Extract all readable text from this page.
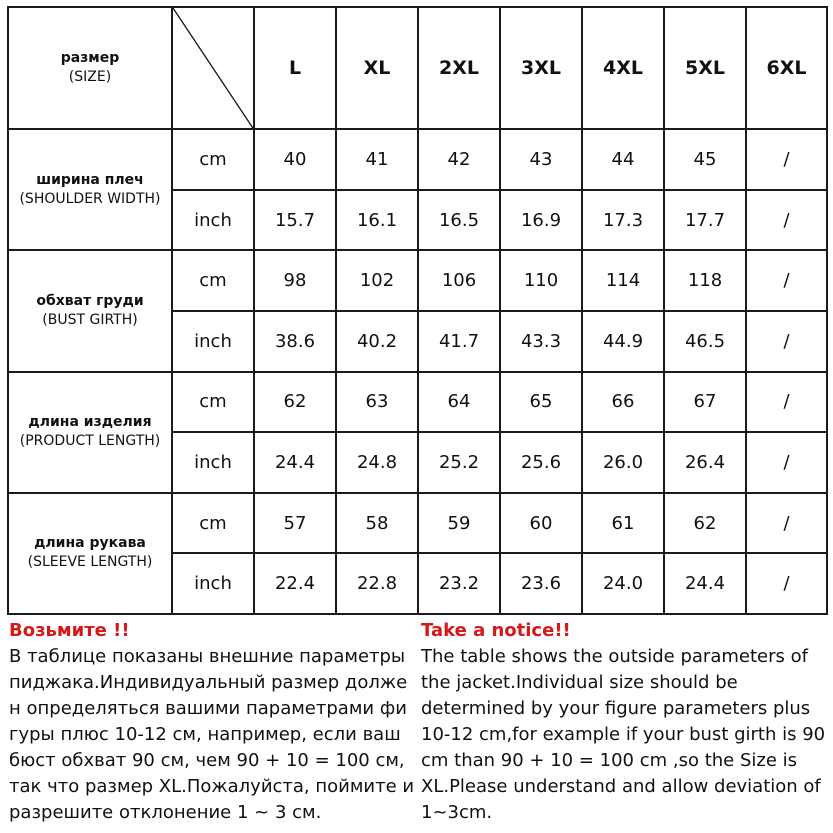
размер
(SIZE)		L	XL	2XL	3XL	4XL	5XL	6XL

ширина плеч
(SHOULDER WIDTH)	cm	40	41	42	43	44	45	/
	inch	15.7	16.1	16.5	16.9	17.3	17.7	/

обхват груди
(BUST GIRTH)	cm	98	102	106	110	114	118	/
	inch	38.6	40.2	41.7	43.3	44.9	46.5	/

длина изделия
(PRODUCT LENGTH)	cm	62	63	64	65	66	67	/
	inch	24.4	24.8	25.2	25.6	26.0	26.4	/

длина рукава
(SLEEVE LENGTH)	cm	57	58	59	60	61	62	/
	inch	22.4	22.8	23.2	23.6	24.0	24.4	/
Возьмите !!
В таблице показаны внешние параметры пиджака.Индивидуальный размер долже н определяться вашими параметрами фи гуры плюс 10-12 см, например, если ваш бюст обхват 90 см, чем 90 + 10 = 100 см, так что размер XL.Пожалуйста, поймите и разрешите отклонение 1 ~ 3 см.
Take a notice!!
The table shows the outside parameters of the jacket.Individual size should be determined by your figure parameters plus 10-12 cm,for example if your bust girth is 90 cm than 90 + 10 = 100 cm ,so the Size is XL.Please understand and allow deviation of 1~3cm.
